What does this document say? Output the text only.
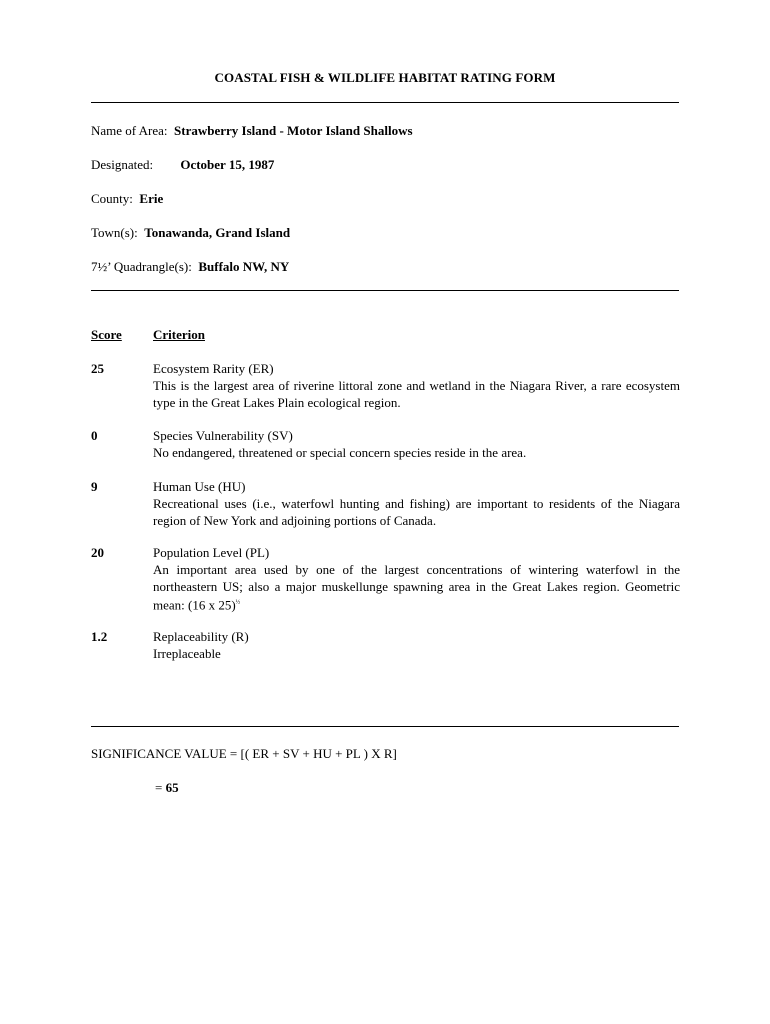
COASTAL FISH & WILDLIFE HABITAT RATING FORM
Name of Area: Strawberry Island - Motor Island Shallows
Designated: October 15, 1987
County: Erie
Town(s): Tonawanda, Grand Island
7½’ Quadrangle(s): Buffalo NW, NY
Score Criterion
25	Ecosystem Rarity (ER)
This is the largest area of riverine littoral zone and wetland in the Niagara River, a rare ecosystem type in the Great Lakes Plain ecological region.
0	Species Vulnerability (SV)
No endangered, threatened or special concern species reside in the area.
9	Human Use (HU)
Recreational uses (i.e., waterfowl hunting and fishing) are important to residents of the Niagara region of New York and adjoining portions of Canada.
20	Population Level (PL)
An important area used by one of the largest concentrations of wintering waterfowl in the northeastern US; also a major muskellunge spawning area in the Great Lakes region. Geometric mean: (16 x 25)$^{\frac{1}{2}}$
1.2	Replaceability (R)
Irreplaceable
SIGNIFICANCE VALUE = [( ER + SV + HU + PL ) X R]
= 65
